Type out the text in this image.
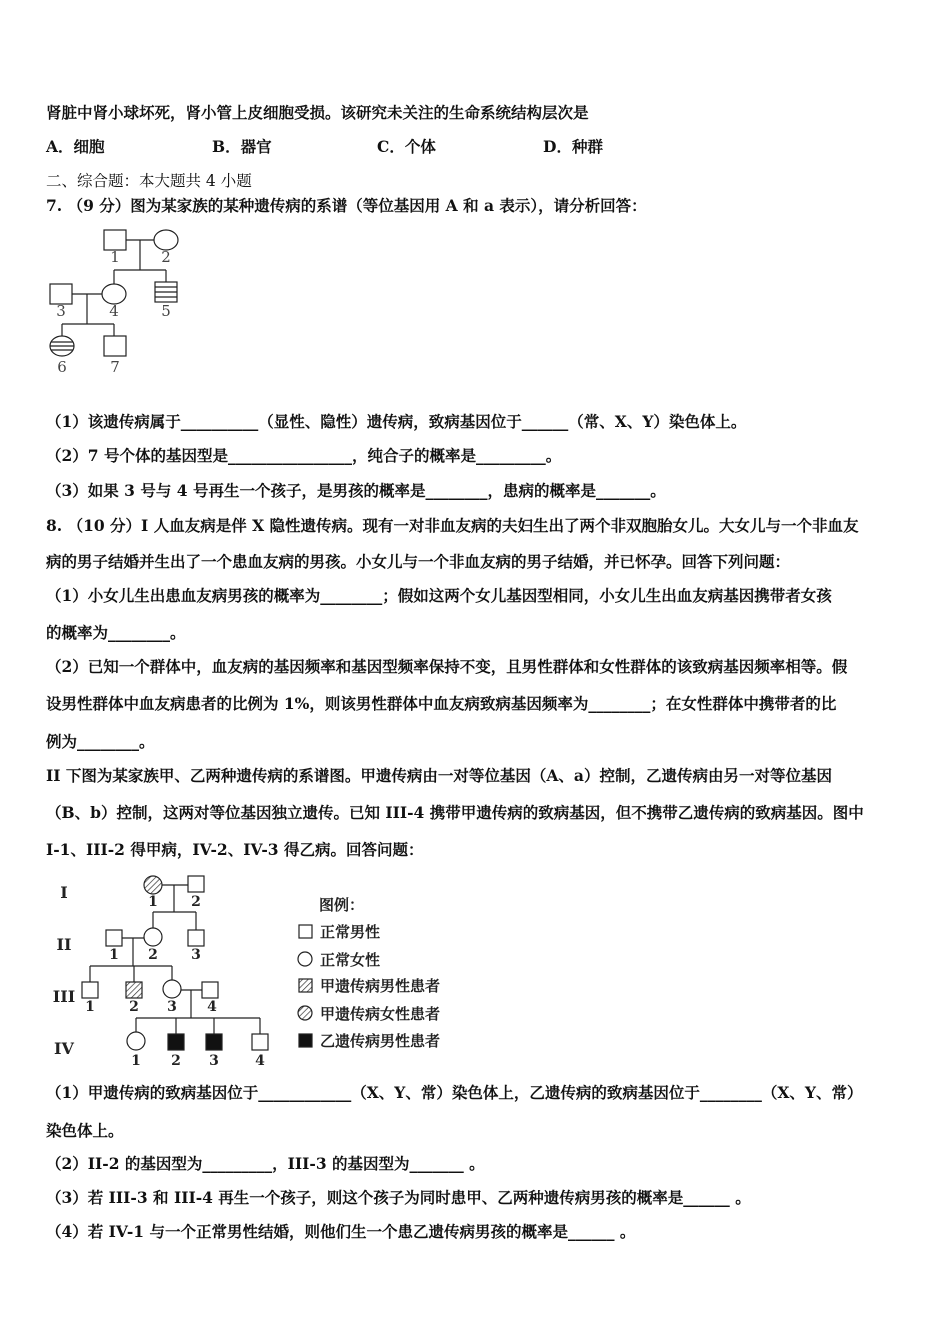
肾脏中肾小球坏死，肾小管上皮细胞受损。该研究未关注的生命系统结构层次是
A．细胞	B．器官	C．个体	D．种群
二、综合题：本大题共 4 小题
7. （9 分）图为某家族的某种遗传病的系谱（等位基因用 A 和 a 表示），请分析回答：
1	2
3	4	5
6	7
（1）该遗传病属于__________（显性、隐性）遗传病，致病基因位于______（常、X、Y）染色体上。
（2）7 号个体的基因型是________________，纯合子的概率是_________。
（3）如果 3 号与 4 号再生一个孩子，是男孩的概率是________，患病的概率是_______。
8. （10 分）I 人血友病是伴 X 隐性遗传病。现有一对非血友病的夫妇生出了两个非双胞胎女儿。大女儿与一个非血友
病的男子结婚并生出了一个患血友病的男孩。小女儿与一个非血友病的男子结婚，并已怀孕。回答下列问题：
（1）小女儿生出患血友病男孩的概率为________；假如这两个女儿基因型相同，小女儿生出血友病基因携带者女孩
的概率为________。
（2）已知一个群体中，血友病的基因频率和基因型频率保持不变，且男性群体和女性群体的该致病基因频率相等。假
设男性群体中血友病患者的比例为 1%，则该男性群体中血友病致病基因频率为________；在女性群体中携带者的比
例为________。
II 下图为某家族甲、乙两种遗传病的系谱图。甲遗传病由一对等位基因（A、a）控制，乙遗传病由另一对等位基因
（B、b）控制，这两对等位基因独立遗传。已知 III-4 携带甲遗传病的致病基因，但不携带乙遗传病的致病基因。图中
I-1、III-2 得甲病，IV-2、IV-3 得乙病。回答问题：
I
II
III
IV
1 2
1 2 3
1 2 3 4
1 2 3	4
图例：
正常男性
正常女性
甲遗传病男性患者
甲遗传病女性患者
乙遗传病男性患者
（1）甲遗传病的致病基因位于____________（X、Y、常）染色体上，乙遗传病的致病基因位于________（X、Y、常）
染色体上。
（2）II-2 的基因型为_________，III-3 的基因型为_______ 。
（3）若 III-3 和 III-4 再生一个孩子，则这个孩子为同时患甲、乙两种遗传病男孩的概率是______ 。
（4）若 IV-1 与一个正常男性结婚，则他们生一个患乙遗传病男孩的概率是______ 。
